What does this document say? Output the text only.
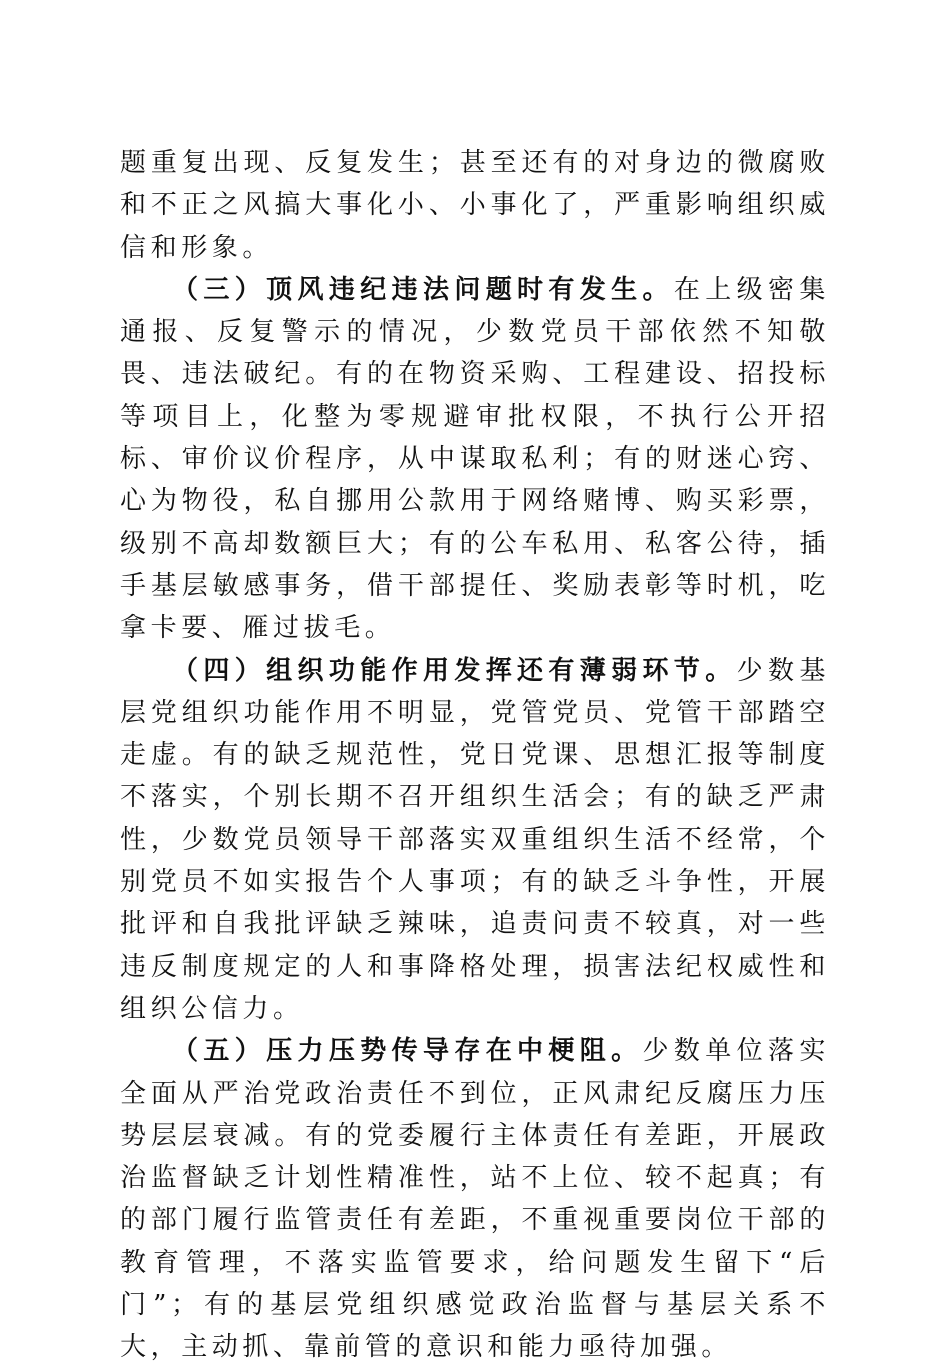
题重复出现、反复发生；甚至还有的对身边的微腐败和不正之风搞大事化小、小事化了，严重影响组织威信和形象。

（三）顶风违纪违法问题时有发生。在上级密集通报、反复警示的情况，少数党员干部依然不知敬畏、违法破纪。有的在物资采购、工程建设、招投标等项目上，化整为零规避审批权限，不执行公开招标、审价议价程序，从中谋取私利；有的财迷心窍、心为物役，私自挪用公款用于网络赌博、购买彩票，级别不高却数额巨大；有的公车私用、私客公待，插手基层敏感事务，借干部提任、奖励表彰等时机，吃拿卡要、雁过拔毛。

（四）组织功能作用发挥还有薄弱环节。少数基层党组织功能作用不明显，党管党员、党管干部踏空走虚。有的缺乏规范性，党日党课、思想汇报等制度不落实，个别长期不召开组织生活会；有的缺乏严肃性，少数党员领导干部落实双重组织生活不经常，个别党员不如实报告个人事项；有的缺乏斗争性，开展批评和自我批评缺乏辣味，追责问责不较真，对一些违反制度规定的人和事降格处理，损害法纪权威性和组织公信力。

（五）压力压势传导存在中梗阻。少数单位落实全面从严治党政治责任不到位，正风肃纪反腐压力压势层层衰减。有的党委履行主体责任有差距，开展政治监督缺乏计划性精准性，站不上位、较不起真；有的部门履行监管责任有差距，不重视重要岗位干部的教育管理，不落实监管要求，给问题发生留下“后门”；有的基层党组织感觉政治监督与基层关系不大，主动抓、靠前管的意识和能力亟待加强。
